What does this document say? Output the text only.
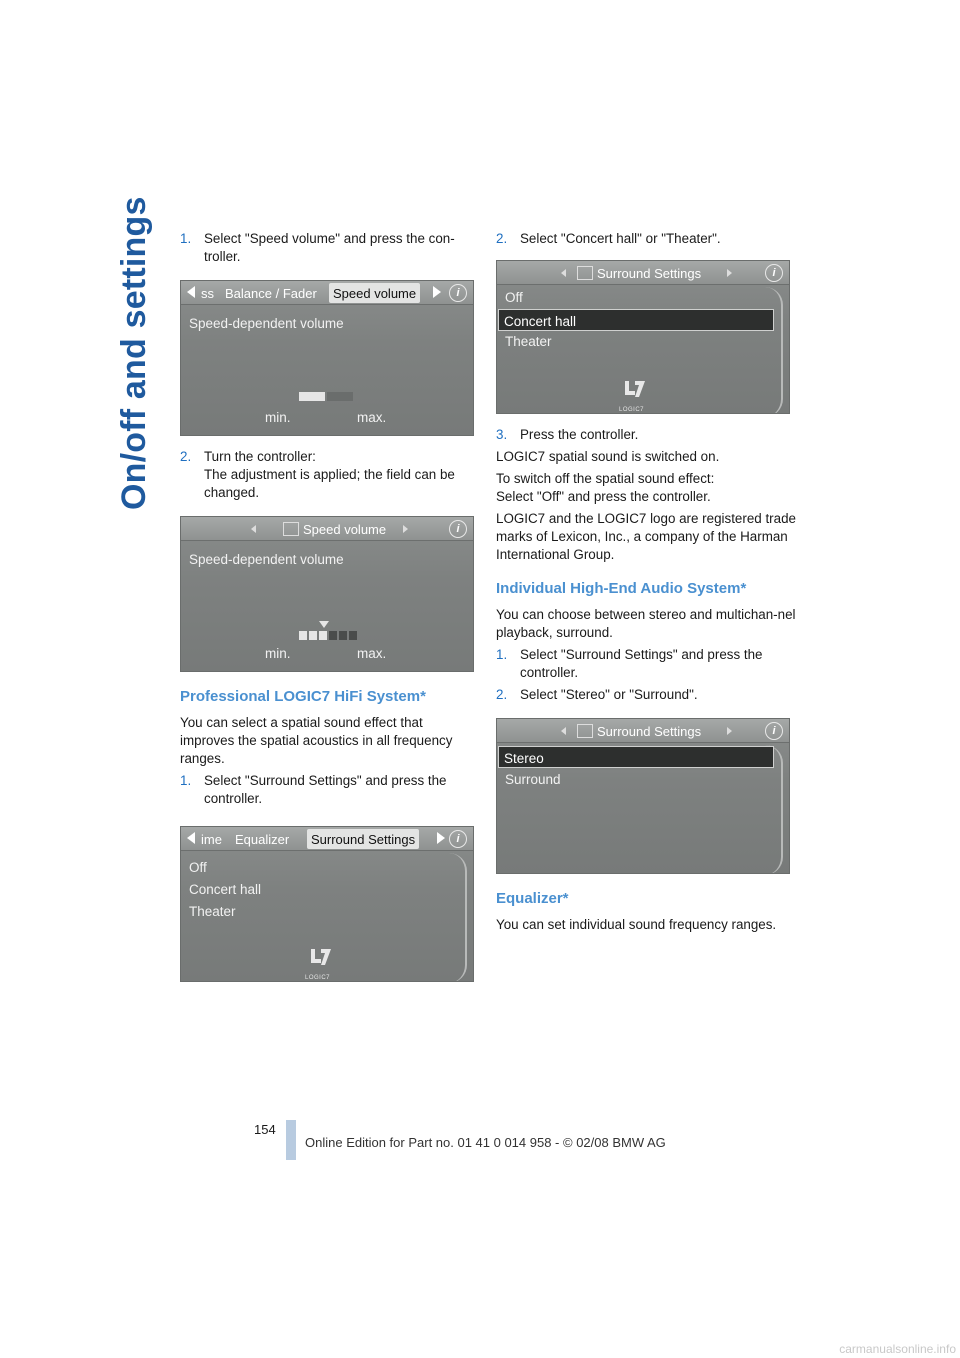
On/off and settings 1. Select "Speed volume" and press the con-troller.
ss Balance / Fader	Speed volume	i
Speed-dependent volume
min.	max.
2. Turn the controller:
The adjustment is applied; the field can be changed.
Speed volume	i
Speed-dependent volume
min.	max.
Professional LOGIC7 HiFi System*

You can select a spatial sound effect that improves the spatial acoustics in all frequency ranges.

1. Select "Surround Settings" and press the controller.
ime Equalizer	Surround Settings	i
Off
Concert hall
Theater
LOGIC7
2. Select "Concert hall" or "Theater".
Surround Settings	i
Off
Concert hall
Theater
LOGIC7
3. Press the controller.

LOGIC7 spatial sound is switched on.

To switch off the spatial sound effect:
Select "Off" and press the controller.

LOGIC7 and the LOGIC7 logo are registered trade marks of Lexicon, Inc., a company of the Harman International Group.

Individual High-End Audio System*

You can choose between stereo and multichan-nel playback, surround.

1. Select "Surround Settings" and press the controller.
2. Select "Stereo" or "Surround".
Surround Settings	i
Stereo
Surround
Equalizer*

You can set individual sound frequency ranges.

154
Online Edition for Part no. 01 41 0 014 958 - © 02/08 BMW AG
carmanualsonline.info
